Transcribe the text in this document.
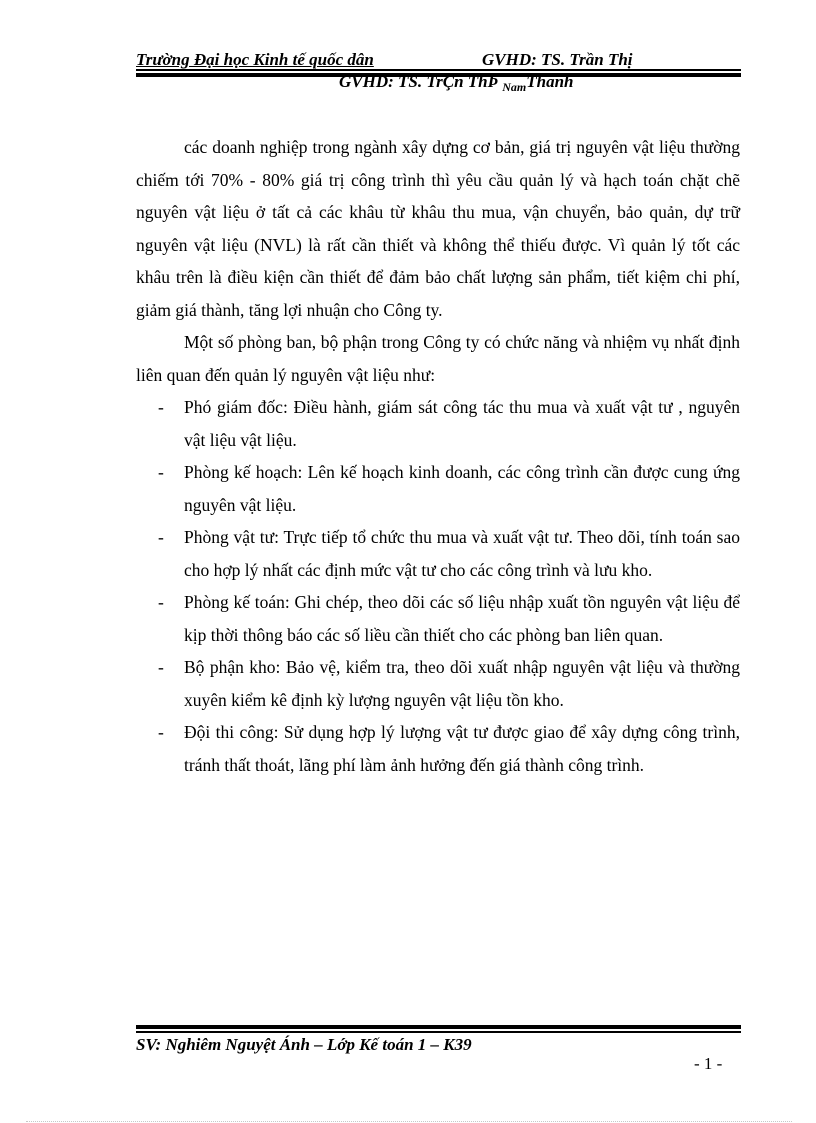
Trường Đại học Kinh tế quốc dân	GVHD: TS. Trần Thị
GVHD: TS. TrÇn ThÞ $_{Nam}$Thanh

các doanh nghiệp trong ngành xây dựng cơ bản, giá trị nguyên vật liệu thường chiếm tới 70% - 80% giá trị công trình thì yêu cầu quản lý và hạch toán chặt chẽ nguyên vật liệu ở tất cả các khâu từ khâu thu mua, vận chuyển, bảo quản, dự trữ nguyên vật liệu (NVL) là rất cần thiết và không thể thiếu được. Vì quản lý tốt các khâu trên là điều kiện cần thiết để đảm bảo chất lượng sản phẩm, tiết kiệm chi phí, giảm giá thành, tăng lợi nhuận cho Công ty.

Một số phòng ban, bộ phận trong Công ty có chức năng và nhiệm vụ nhất định liên quan đến quản lý nguyên vật liệu như:

- Phó giám đốc: Điều hành, giám sát công tác thu mua và xuất vật tư , nguyên vật liệu vật liệu.
- Phòng kế hoạch: Lên kế hoạch kinh doanh, các công trình cần được cung ứng nguyên vật liệu.
- Phòng vật tư: Trực tiếp tổ chức thu mua và xuất vật tư. Theo dõi, tính toán sao cho hợp lý nhất các định mức vật tư cho các công trình và lưu kho.
- Phòng kế toán: Ghi chép, theo dõi các số liệu nhập xuất tồn nguyên vật liệu để kịp thời thông báo các số liều cần thiết cho các phòng ban liên quan.
- Bộ phận kho: Bảo vệ, kiểm tra, theo dõi xuất nhập nguyên vật liệu và thường xuyên kiểm kê định kỳ lượng nguyên vật liệu tồn kho.
- Đội thi công: Sử dụng hợp lý lượng vật tư được giao để xây dựng công trình, tránh thất thoát, lãng phí làm ảnh hưởng đến giá thành công trình.
SV: Nghiêm Nguyệt Ánh – Lớp Kế toán 1 – K39
- 1 -
